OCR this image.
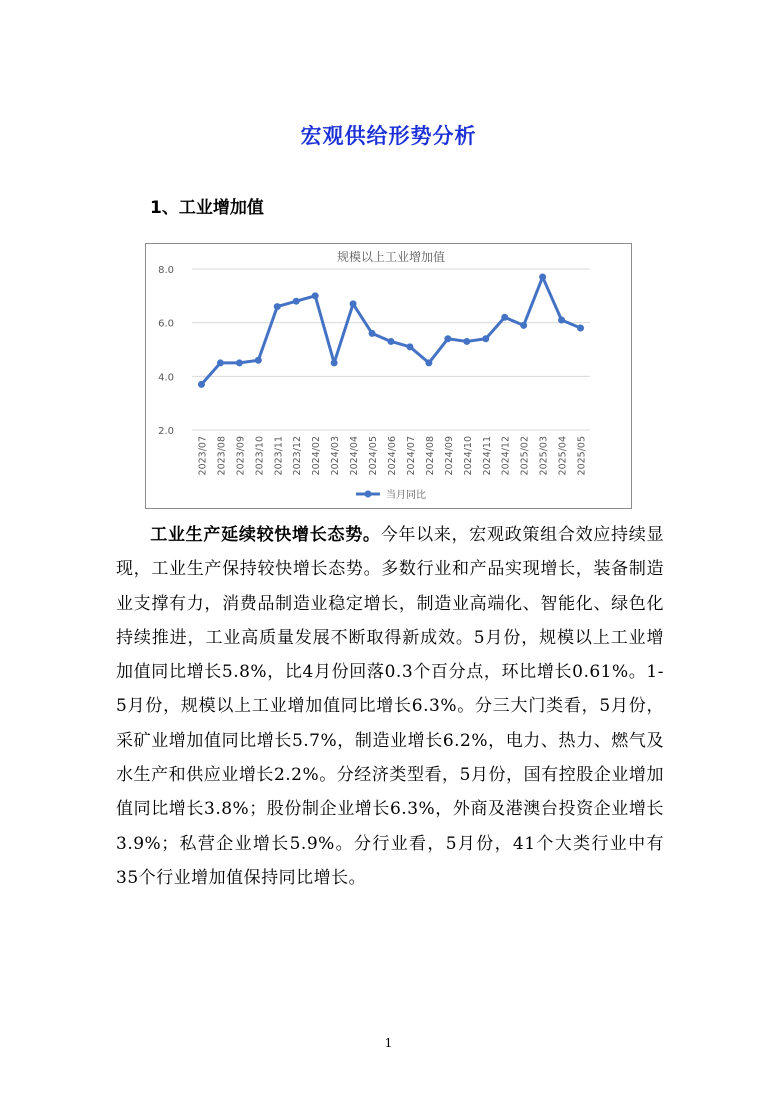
宏观供给形势分析
1、工业增加值
规模以上工业增加值
2.0
4.0
6.0
8.0
2023/07 2023/08 2023/09 2023/10 2023/11 2023/12 2024/02 2024/03 2024/04 2024/05 2024/06 2024/07 2024/08 2024/09 2024/10 2024/11 2024/12 2025/02 2025/03 2025/04 2025/05
当月同比
工业生产延续较快增长态势。今年以来，宏观政策组合效应持续显现，工业生产保持较快增长态势。多数行业和产品实现增长，装备制造业支撑有力，消费品制造业稳定增长，制造业高端化、智能化、绿色化持续推进，工业高质量发展不断取得新成效。5月份，规模以上工业增加值同比增长5.8%，比4月份回落0.3个百分点，环比增长0.61%。1-5月份，规模以上工业增加值同比增长6.3%。分三大门类看，5月份，采矿业增加值同比增长5.7%，制造业增长6.2%，电力、热力、燃气及水生产和供应业增长2.2%。分经济类型看，5月份，国有控股企业增加值同比增长3.8%；股份制企业增长6.3%，外商及港澳台投资企业增长3.9%；私营企业增长5.9%。分行业看，5月份，41个大类行业中有35个行业增加值保持同比增长。
1
